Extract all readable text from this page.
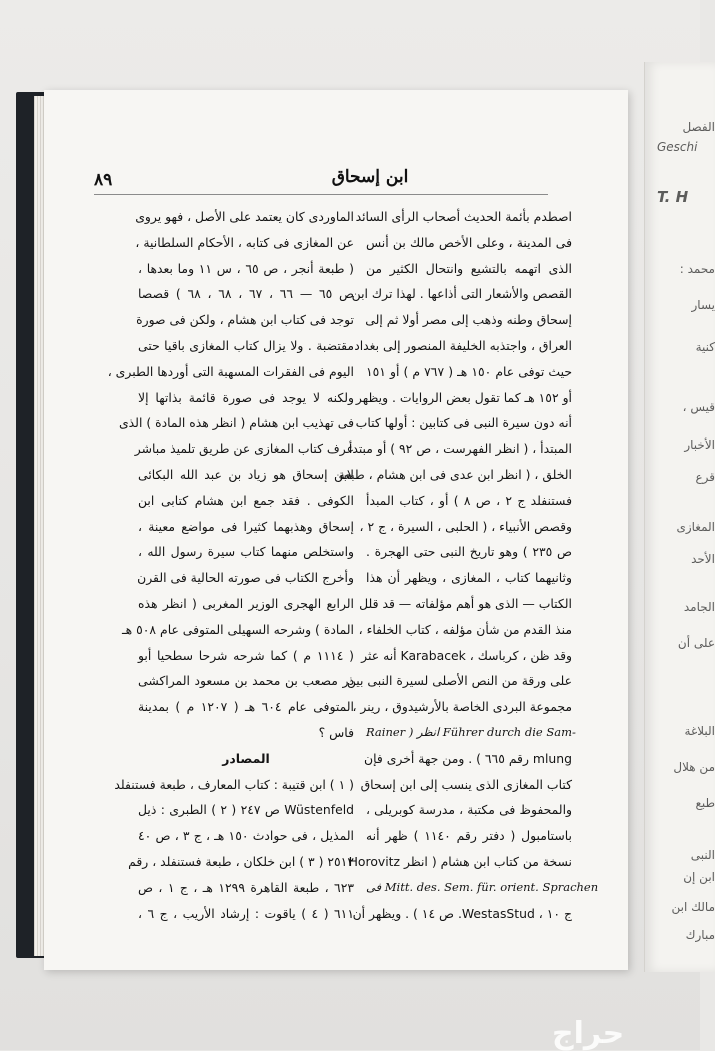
الفصل
Geschi
T. H
محمد :
يسار
كنية
قيس ،
الأخبار
قرع
المغازى
الأحد
الجامد
على أن
البلاغة
من هلال
طبع
النبى
ابن إن
مالك ابن
مبارك
٨٩	ابن إسحاق
اصطدم بأئمة الحديث أصحاب الرأى السائد
فى المدينة ، وعلى الأخص مالك بن أنس
الذى اتهمه بالتشيع وانتحال الكثير من
القصص والأشعار التى أذاعها . لهذا ترك ابن
إسحاق وطنه وذهب إلى مصر أولا ثم إلى
العراق ، واجتذبه الخليفة المنصور إلى بغداد
حيث توفى عام ١٥٠ هـ ( ٧٦٧ م ) أو ١٥١
أو ١٥٢ هـ كما تقول بعض الروايات . ويظهر
أنه دون سيرة النبى فى كتابين : أولها كتاب
المبتدأ ، ( انظر الفهرست ، ص ٩٢ ) أو مبتدأ
الخلق ، ( انظر ابن عدى فى ابن هشام ، طبعة
فستنفلد ج ٢ ، ص ٨ ) أو ، كتاب المبدأ
وقصص الأنبياء ، ( الحلبى ، السيرة ، ج ٢ ،
ص ٢٣٥ ) وهو تاريخ النبى حتى الهجرة .
وثانيهما كتاب ، المغازى ، ويظهر أن هذا
الكتاب — الذى هو أهم مؤلفاته — قد قلل
منذ القدم من شأن مؤلفه ، كتاب الخلفاء ،
وقد ظن ، كرباسك ، Karabacek أنه عثر
على ورقة من النص الأصلى لسيرة النبى بين
مجموعة البردى الخاصة بالأرشيدوق ، رينر ،
Rainer ) انظر Führer durch die Sam-
mlung رقم ٦٦٥ ) . ومن جهة أخرى فإن
كتاب المغازى الذى ينسب إلى ابن إسحاق
والمحفوظ فى مكتبة ، مدرسة كوبريلى ،
باستامبول ( دفتر رقم ١١٤٠ ) ظهر أنه
نسخة من كتاب ابن هشام ( انظر Horovitz
فى Mitt. des. Sem. für. orient. Sprachen
ج ١٠ ، WestasStud. ص ١٤ ) . ويظهر أن
الماوردى كان يعتمد على الأصل ، فهو يروى
عن المغازى فى كتابه ، الأحكام السلطانية ،
( طبعة أنجر ، ص ٦٥ ، س ١١ وما بعدها ،
ص ٦٥ — ٦٦ ، ٦٧ ، ٦٨ ، ٦٨ ) قصصا
توجد فى كتاب ابن هشام ، ولكن فى صورة
مقتضبة . ولا يزال كتاب المغازى باقيا حتى
اليوم فى الفقرات المسهبة التى أوردها الطبرى ،
ولكنه لا يوجد فى صورة قائمة بذاتها إلا
فى تهذيب ابن هشام ( انظر هذه المادة ) الذى
عرف كتاب المغازى عن طريق تلميذ مباشر
لابن إسحاق هو زياد بن عبد الله البكائى
الكوفى . فقد جمع ابن هشام كتابى ابن
إسحاق وهذبهما كثيرا فى مواضع معينة ،
واستخلص منهما كتاب سيرة رسول الله ،
وأخرج الكتاب فى صورته الحالية فى القرن
الرابع الهجرى الوزير المغربى ( انظر هذه
المادة ) وشرحه السهيلى المتوفى عام ٥٠٨ هـ
( ١١١٤ م ) كما شرحه شرحا سطحيا أبو
ذر مصعب بن محمد بن مسعود المراكشى
المتوفى عام ٦٠٤ هـ ( ١٢٠٧ م ) بمدينة
فاس ؟
المصادر
( ١ ) ابن قتيبة : كتاب المعارف ، طبعة فستنفلد
Wüstenfeld ص ٢٤٧ ( ٢ ) الطبرى : ذيل
المذيل ، فى حوادث ١٥٠ هـ ، ج ٣ ، ص ٤٠
٢٥١٢ ( ٣ ) ابن خلكان ، طبعة فستنفلد ، رقم
٦٢٣ ، طبعة القاهرة ١٢٩٩ هـ ، ج ١ ، ص
٦١١ ( ٤ ) ياقوت : إرشاد الأريب ، ج ٦ ،
حراج
